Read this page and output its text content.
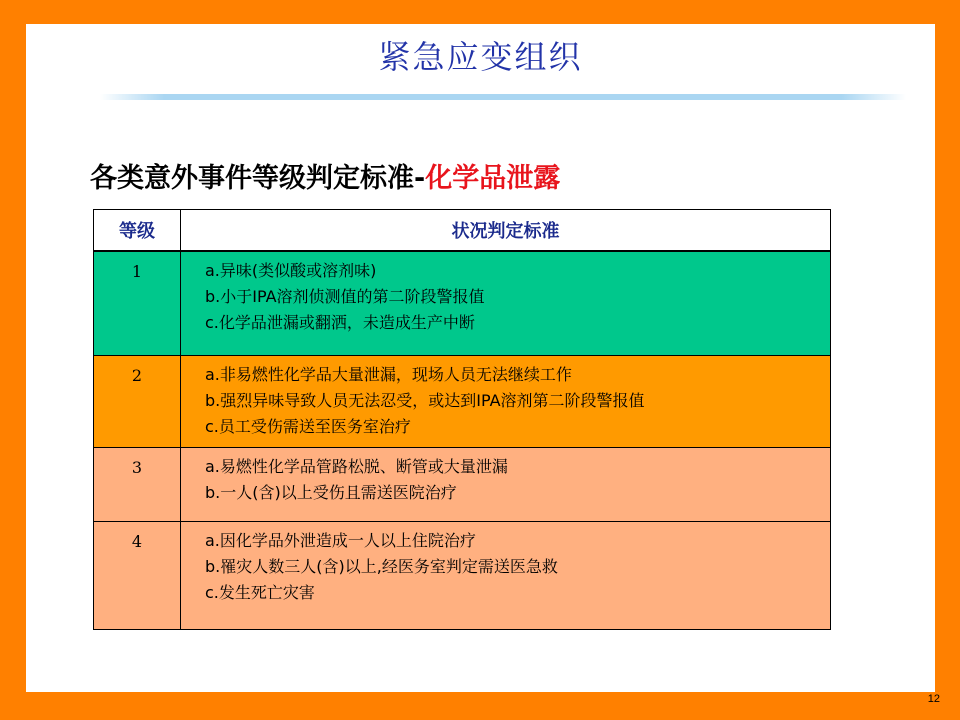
紧急应变组织
各类意外事件等级判定标准-化学品泄露
等级	状况判定标准
1	a.异味(类似酸或溶剂味)
b.小于IPA溶剂侦测值的第二阶段警报值
c.化学品泄漏或翻洒，未造成生产中断

2	a.非易燃性化学品大量泄漏，现场人员无法继续工作
b.强烈异味导致人员无法忍受，或达到IPA溶剂第二阶段警报值
c.员工受伤需送至医务室治疗

3	a.易燃性化学品管路松脱、断管或大量泄漏
b.一人(含)以上受伤且需送医院治疗

4	a.因化学品外泄造成一人以上住院治疗
b.罹灾人数三人(含)以上,经医务室判定需送医急救
c.发生死亡灾害
12
